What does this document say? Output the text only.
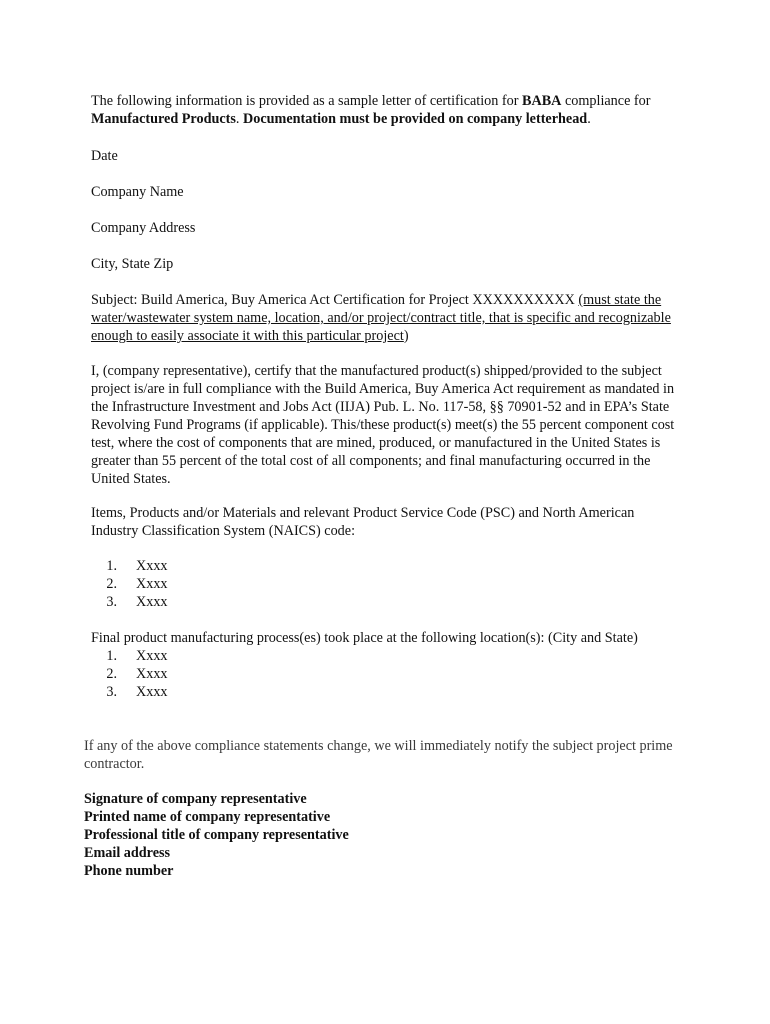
The following information is provided as a sample letter of certification for BABA compliance for Manufactured Products. Documentation must be provided on company letterhead.

Date

Company Name

Company Address

City, State Zip

Subject: Build America, Buy America Act Certification for Project XXXXXXXXXX (must state the water/wastewater system name, location, and/or project/contract title, that is specific and recognizable enough to easily associate it with this particular project)

I, (company representative), certify that the manufactured product(s) shipped/provided to the subject project is/are in full compliance with the Build America, Buy America Act requirement as mandated in the Infrastructure Investment and Jobs Act (IIJA) Pub. L. No. 117-58, §§ 70901-52 and in EPA’s State Revolving Fund Programs (if applicable). This/these product(s) meet(s) the 55 percent component cost test, where the cost of components that are mined, produced, or manufactured in the United States is greater than 55 percent of the total cost of all components; and final manufacturing occurred in the United States.

Items, Products and/or Materials and relevant Product Service Code (PSC) and North American Industry Classification System (NAICS) code:

1.	Xxxx
2.	Xxxx
3.	Xxxx

Final product manufacturing process(es) took place at the following location(s): (City and State)

1.	Xxxx
2.	Xxxx
3.	Xxxx

If any of the above compliance statements change, we will immediately notify the subject project prime contractor.

Signature of company representative
Printed name of company representative
Professional title of company representative
Email address
Phone number
